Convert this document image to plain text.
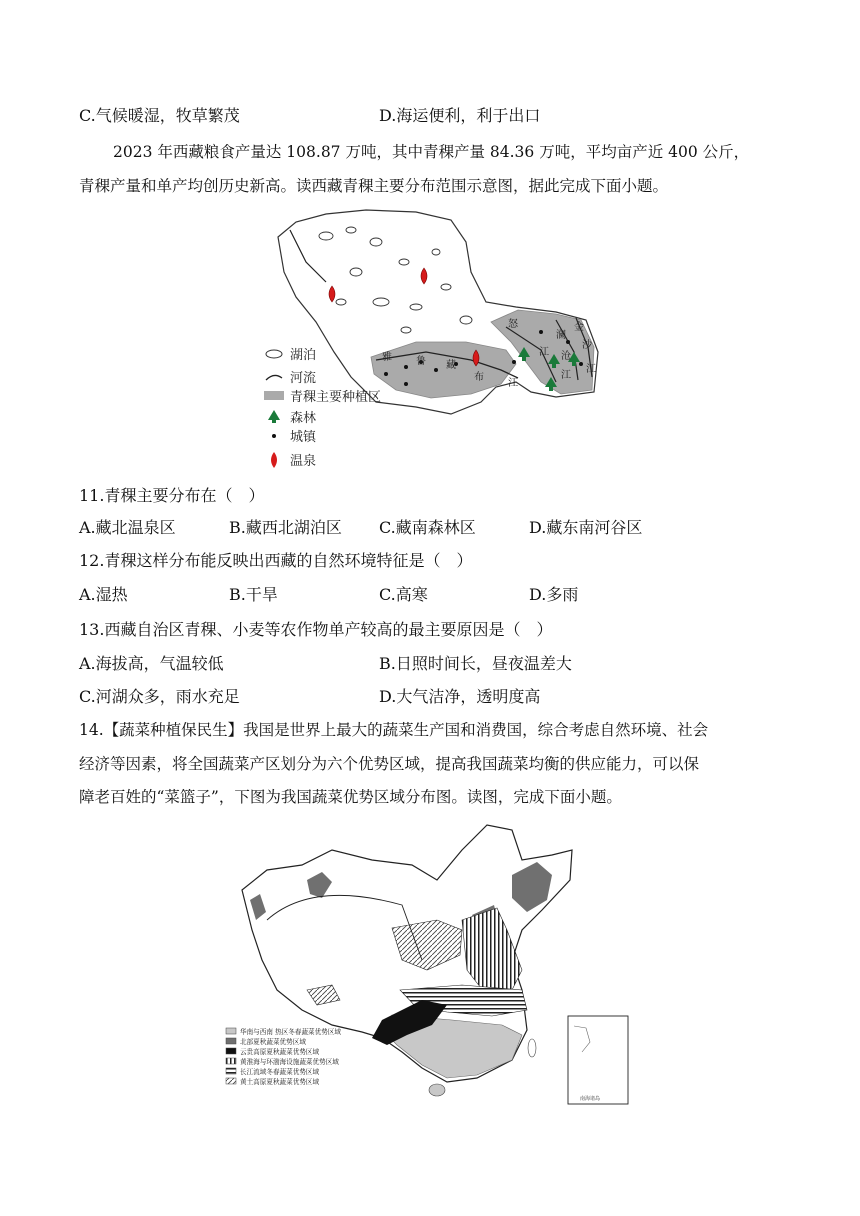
C.气候暖湿，牧草繁茂	D.海运便利，利于出口
2023 年西藏粮食产量达 108.87 万吨，其中青稞产量 84.36 万吨，平均亩产近 400 公斤，
青稞产量和单产均创历史新高。读西藏青稞主要分布范围示意图，据此完成下面小题。
雅 鲁 藏
布
江
怒
江
澜
沧
江
金
沙
江
湖泊
河流
青稞主要种植区
森林
城镇
温泉
11.青稞主要分布在（　）
A.藏北温泉区	B.藏西北湖泊区 C.藏南森林区	D.藏东南河谷区
12.青稞这样分布能反映出西藏的自然环境特征是（　）
A.湿热	B.干旱	C.高寒	D.多雨
13.西藏自治区青稞、小麦等农作物单产较高的最主要原因是（　）
A.海拔高，气温较低	B.日照时间长，昼夜温差大
C.河湖众多，雨水充足	D.大气洁净，透明度高
14.【蔬菜种植保民生】我国是世界上最大的蔬菜生产国和消费国，综合考虑自然环境、社会
经济等因素，将全国蔬菜产区划分为六个优势区域，提高我国蔬菜均衡的供应能力，可以保
障老百姓的“菜篮子”，下图为我国蔬菜优势区域分布图。读图，完成下面小题。
南海诸岛
华南与西南 热区冬春蔬菜优势区域
北部夏秋蔬菜优势区域
云贵高原夏秋蔬菜优势区域
黄淮海与环渤海设施蔬菜优势区域
长江流域冬春蔬菜优势区域
黄土高原夏秋蔬菜优势区域
